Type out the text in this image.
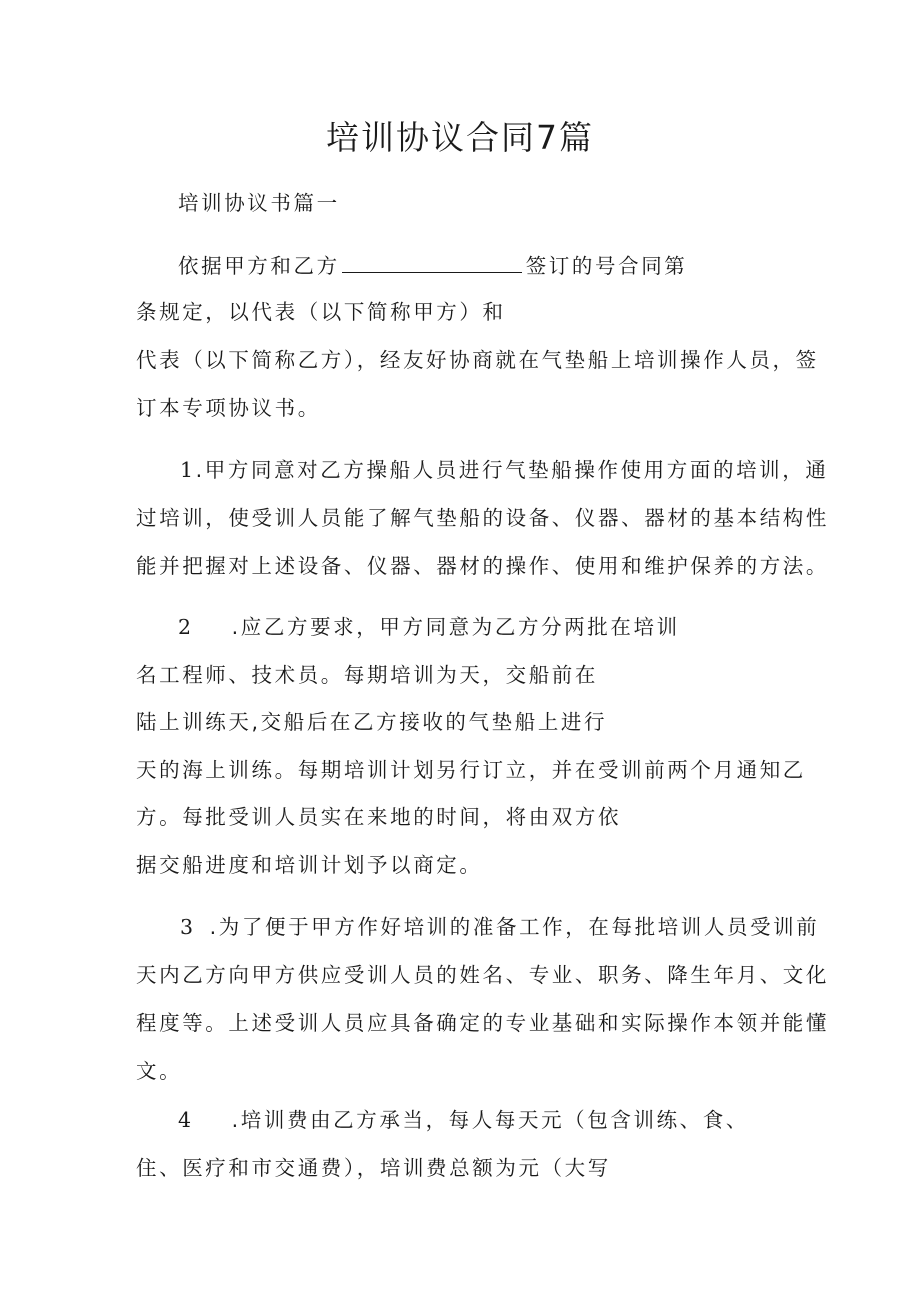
培训协议合同7篇
培训协议书篇一
依据甲方和乙方	签订的号合同第
条规定，以代表（以下简称甲方）和
代表（以下简称乙方），经友好协商就在气垫船上培训操作人员，签
订本专项协议书。
1.甲方同意对乙方操船人员进行气垫船操作使用方面的培训，通
过培训，使受训人员能了解气垫船的设备、仪器、器材的基本结构性
能并把握对上述设备、仪器、器材的操作、使用和维护保养的方法。
2 .应乙方要求，甲方同意为乙方分两批在培训
名工程师、技术员。每期培训为天，交船前在
陆上训练天,交船后在乙方接收的气垫船上进行
天的海上训练。每期培训计划另行订立，并在受训前两个月通知乙
方。每批受训人员实在来地的时间，将由双方依
据交船进度和培训计划予以商定。
3 .为了便于甲方作好培训的准备工作，在每批培训人员受训前
天内乙方向甲方供应受训人员的姓名、专业、职务、降生年月、文化
程度等。上述受训人员应具备确定的专业基础和实际操作本领并能懂
文。
4 .培训费由乙方承当，每人每天元（包含训练、食、
住、医疗和市交通费），培训费总额为元（大写
